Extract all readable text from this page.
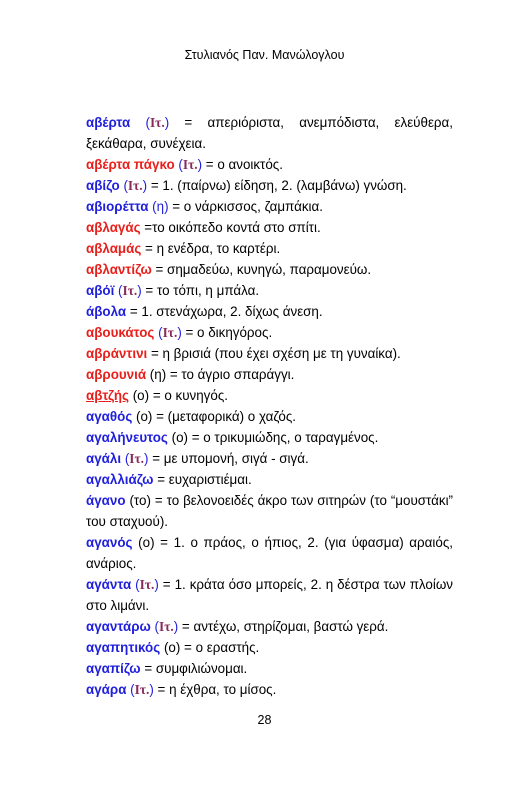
Στυλιανός Παν. Μανώλογλου
αβέρτα (Ιτ.) = απεριόριστα, ανεμπόδιστα, ελεύθερα, ξεκάθαρα, συνέχεια.
αβέρτα πάγκο (Ιτ.) = ο ανοικτός.
αβίζο (Ιτ.) = 1. (παίρνω) είδηση, 2. (λαμβάνω) γνώση.
αβιορέττα (η) = ο νάρκισσος, ζαμπάκια.
αβλαγάς =το οικόπεδο κοντά στο σπίτι.
αβλαμάς = η ενέδρα, το καρτέρι.
αβλαντίζω = σημαδεύω, κυνηγώ, παραμονεύω.
αβόϊ (Ιτ.) = το τόπι, η μπάλα.
άβολα = 1. στενάχωρα, 2. δίχως άνεση.
αβουκάτος (Ιτ.) = ο δικηγόρος.
αβράντινι = η βρισιά (που έχει σχέση με τη γυναίκα).
αβρουνιά (η) = το άγριο σπαράγγι.
αβτζής (ο) = ο κυνηγός.
αγαθός (ο) = (μεταφορικά) ο χαζός.
αγαλήνευτος (ο) = ο τρικυμιώδης, ο ταραγμένος.
αγάλι (Ιτ.) = με υπομονή, σιγά - σιγά.
αγαλλιάζω = ευχαριστιέμαι.
άγανο (το) = το βελονοειδές άκρο των σιτηρών (το “μουστάκι” του σταχυού).
αγανός (ο) = 1. ο πράος, ο ήπιος, 2. (για ύφασμα) αραιός, ανάριος.
αγάντα (Ιτ.) = 1. κράτα όσο μπορείς, 2. η δέστρα των πλοίων στο λιμάνι.
αγαντάρω (Ιτ.) = αντέχω, στηρίζομαι, βαστώ γερά.
αγαπητικός (ο) = ο εραστής.
αγαπίζω = συμφιλιώνομαι.
αγάρα (Ιτ.) = η έχθρα, το μίσος.
28
